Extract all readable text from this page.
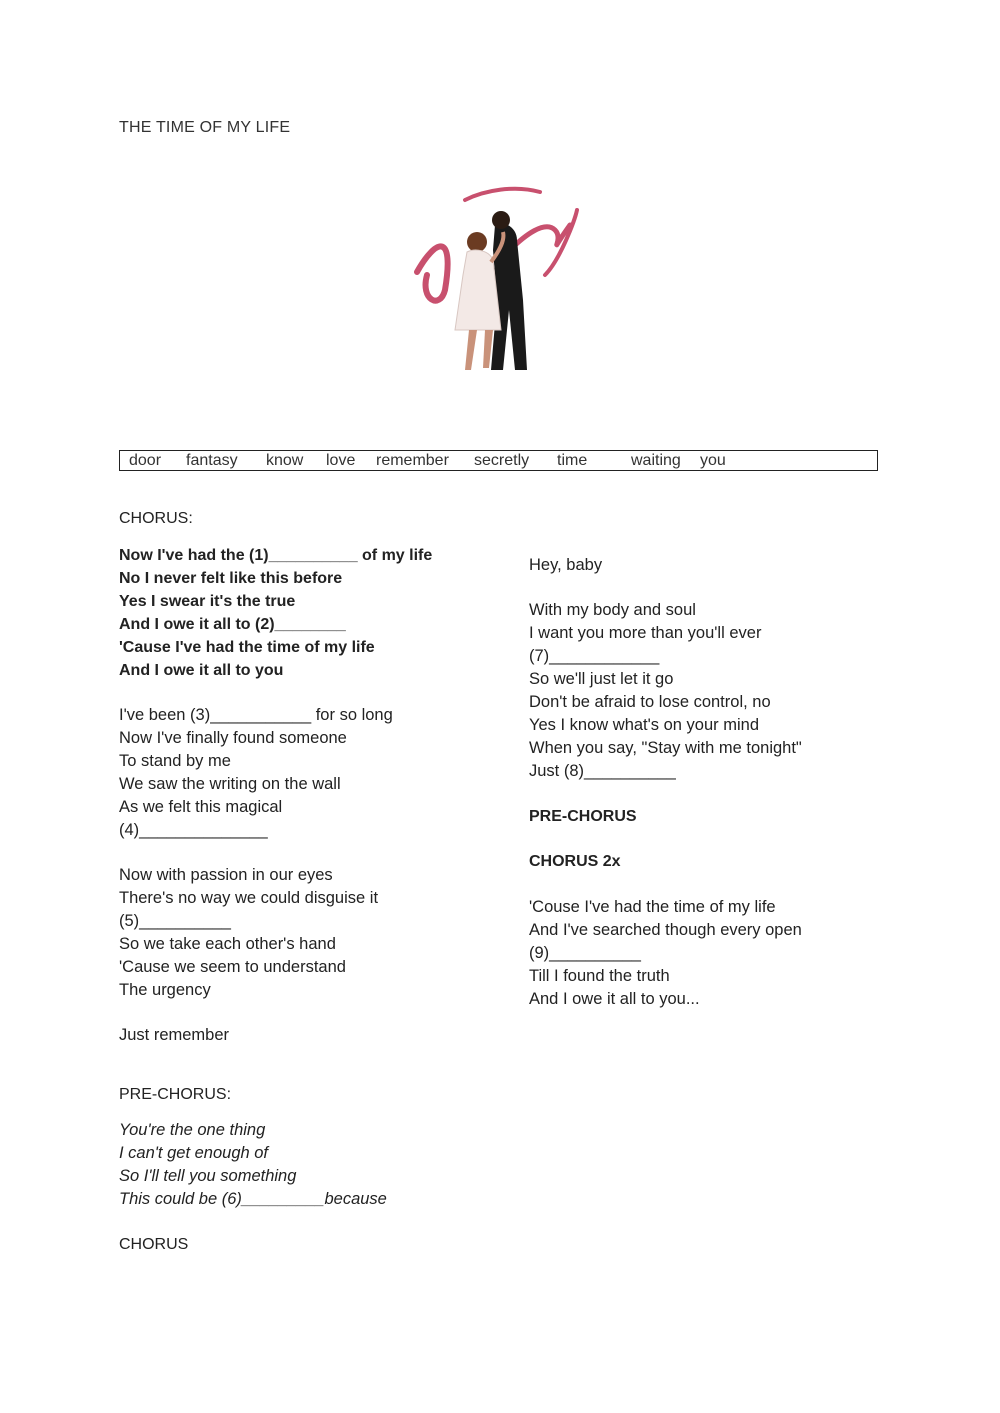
THE TIME OF MY LIFE
door fantasy know love remember secretly time	waiting you
CHORUS:
Now I've had the (1)__________ of my life
No I never felt like this before
Yes I swear it's the true
And I owe it all to (2)________
'Cause I've had the time of my life
And I owe it all to you
I've been (3)___________ for so long
Now I've finally found someone
To stand by me
We saw the writing on the wall
As we felt this magical
(4)______________
Now with passion in our eyes
There's no way we could disguise it
(5)__________
So we take each other's hand
'Cause we seem to understand
The urgency
Just remember
PRE-CHORUS:
You're the one thing
I can't get enough of
So I'll tell you something
This could be (6)_________because
CHORUS
Hey, baby
With my body and soul
I want you more than you'll ever
(7)____________
So we'll just let it go
Don't be afraid to lose control, no
Yes I know what's on your mind
When you say, "Stay with me tonight"
Just (8)__________
PRE-CHORUS
CHORUS 2x
'Couse I've had the time of my life
And I've searched though every open
(9)__________
Till I found the truth
And I owe it all to you...
